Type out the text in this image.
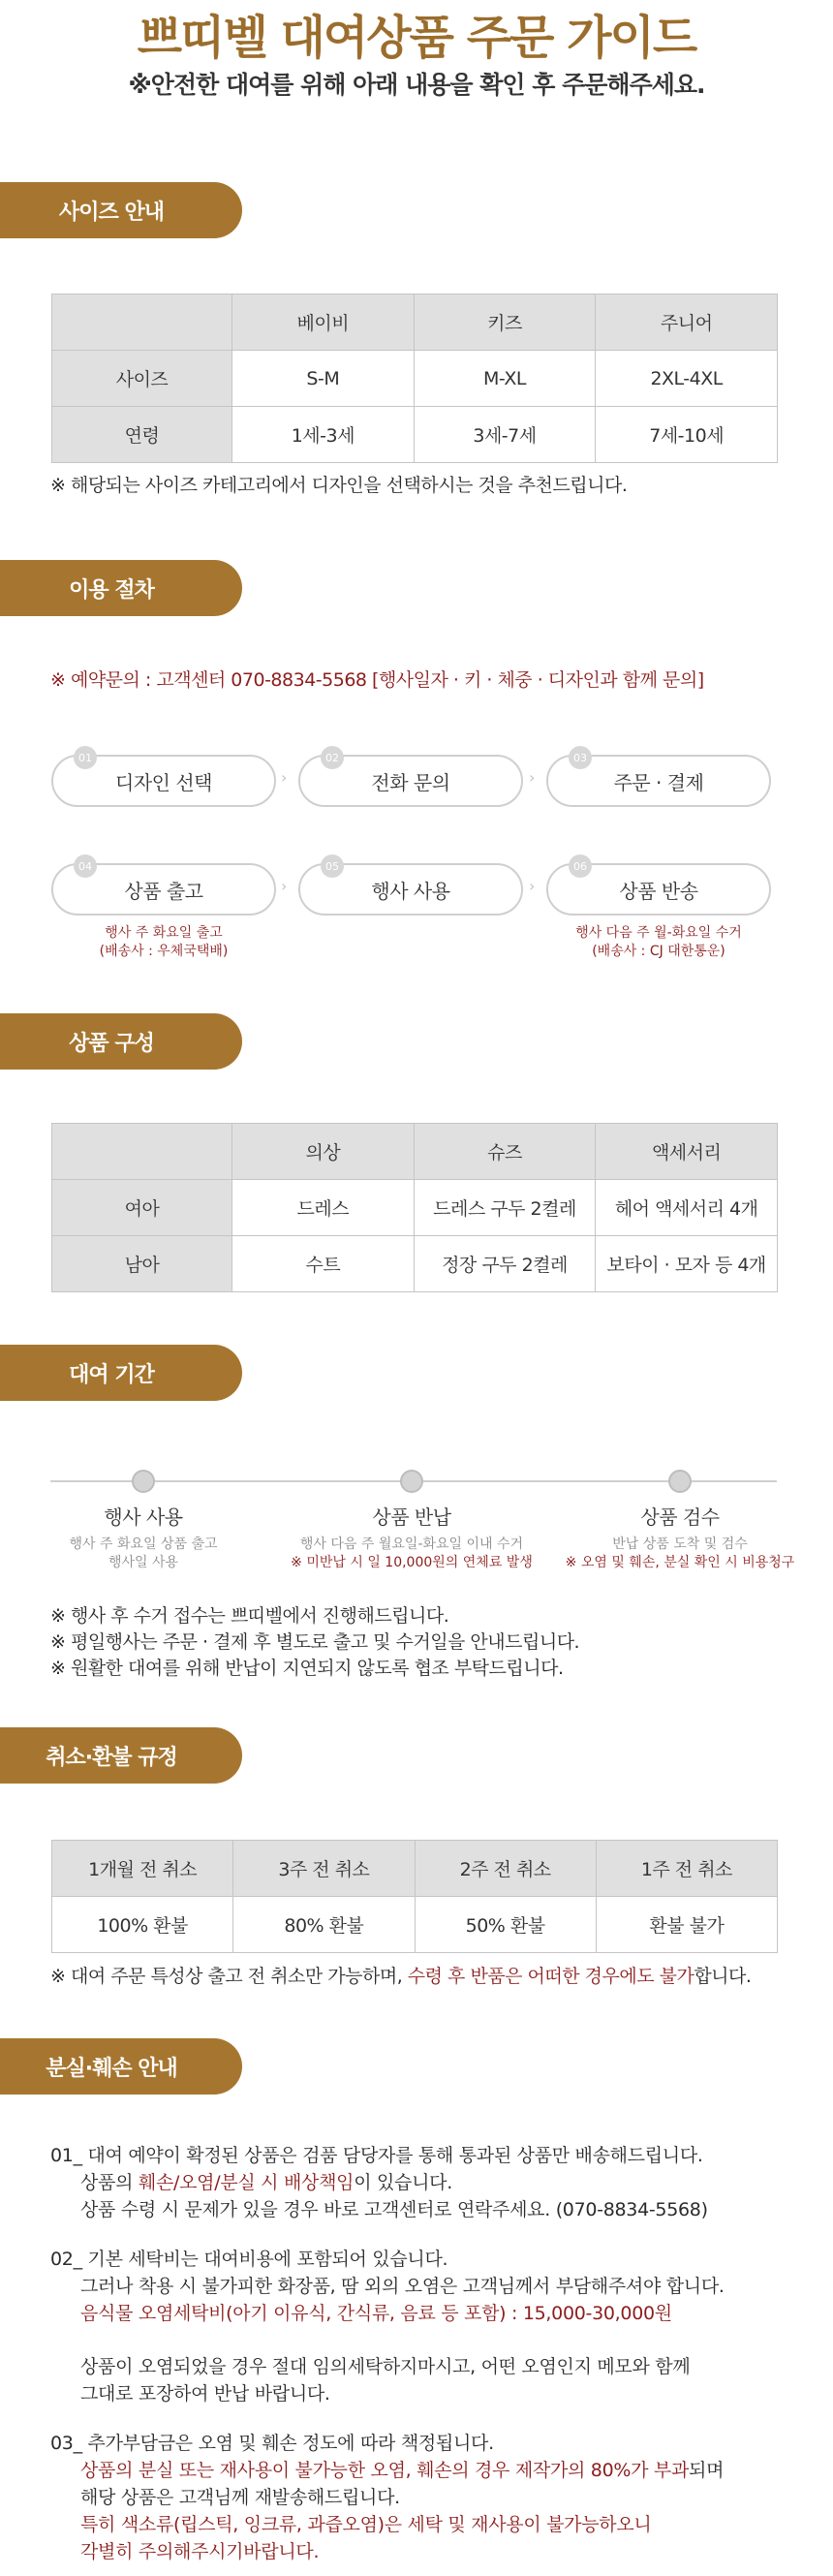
쁘띠벨 대여상품 주문 가이드
※안전한 대여를 위해 아래 내용을 확인 후 주문해주세요.
사이즈 안내
	베이비	키즈	주니어
사이즈	S-M	M-XL	2XL-4XL
연령	1세-3세	3세-7세	7세-10세
※ 해당되는 사이즈 카테고리에서 디자인을 선택하시는 것을 추천드립니다.
이용 절차
※ 예약문의 : 고객센터 070-8834-5568 [행사일자 · 키 · 체중 · 디자인과 함께 문의]
디자인 선택
01
›	전화 문의
02
›	주문 · 결제
03
상품 출고
04
›
행사 주 화요일 출고
(배송사 : 우체국택배)
행사 사용
05
›	상품 반송
06
행사 다음 주 월-화요일 수거
(배송사 : CJ 대한통운)
상품 구성
	의상	슈즈	액세서리
여아	드레스	드레스 구두 2켤레	헤어 액세서리 4개
남아	수트	정장 구두 2켤레	보타이 · 모자 등 4개
대여 기간
행사 사용
행사 주 화요일 상품 출고
행사일 사용
상품 반납
행사 다음 주 월요일-화요일 이내 수거
※ 미반납 시 일 10,000원의 연체료 발생
상품 검수
반납 상품 도착 및 검수
※ 오염 및 훼손, 분실 확인 시 비용청구
※ 행사 후 수거 접수는 쁘띠벨에서 진행해드립니다.
※ 평일행사는 주문 · 결제 후 별도로 출고 및 수거일을 안내드립니다.
※ 원활한 대여를 위해 반납이 지연되지 않도록 협조 부탁드립니다.
취소·환불 규정
1개월 전 취소	3주 전 취소	2주 전 취소	1주 전 취소
100% 환불	80% 환불	50% 환불	환불 불가
※ 대여 주문 특성상 출고 전 취소만 가능하며, 수령 후 반품은 어떠한 경우에도 불가합니다.
분실·훼손 안내
01_ 대여 예약이 확정된 상품은 검품 담당자를 통해 통과된 상품만 배송해드립니다.
상품의 훼손/오염/분실 시 배상책임이 있습니다.
상품 수령 시 문제가 있을 경우 바로 고객센터로 연락주세요. (070-8834-5568)
02_ 기본 세탁비는 대여비용에 포함되어 있습니다.
그러나 착용 시 불가피한 화장품, 땀 외의 오염은 고객님께서 부담해주셔야 합니다.
음식물 오염세탁비(아기 이유식, 간식류, 음료 등 포함) : 15,000-30,000원
상품이 오염되었을 경우 절대 임의세탁하지마시고, 어떤 오염인지 메모와 함께
그대로 포장하여 반납 바랍니다.
03_ 추가부담금은 오염 및 훼손 정도에 따라 책정됩니다.
상품의 분실 또는 재사용이 불가능한 오염, 훼손의 경우 제작가의 80%가 부과되며
해당 상품은 고객님께 재발송해드립니다.
특히 색소류(립스틱, 잉크류, 과즙오염)은 세탁 및 재사용이 불가능하오니
각별히 주의해주시기바랍니다.
